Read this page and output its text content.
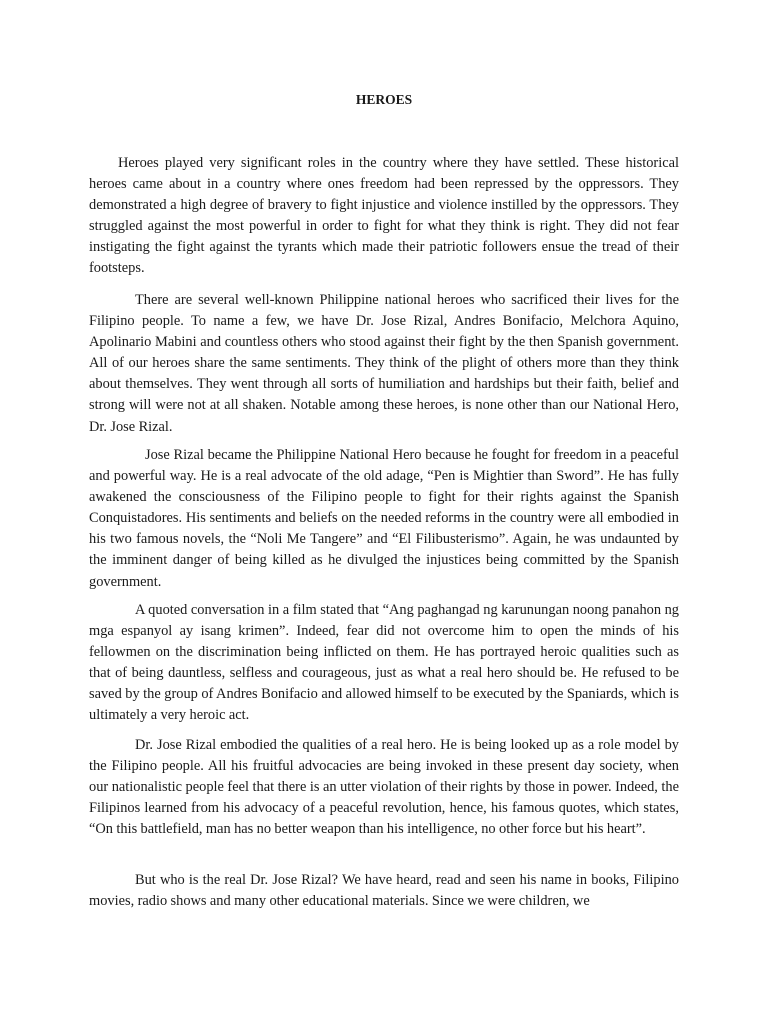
HEROES

Heroes played very significant roles in the country where they have settled. These historical heroes came about in a country where ones freedom had been repressed by the oppressors. They demonstrated a high degree of bravery to fight injustice and violence instilled by the oppressors. They struggled against the most powerful in order to fight for what they think is right. They did not fear instigating the fight against the tyrants which made their patriotic followers ensue the tread of their footsteps.

There are several well-known Philippine national heroes who sacrificed their lives for the Filipino people. To name a few, we have Dr. Jose Rizal, Andres Bonifacio, Melchora Aquino, Apolinario Mabini and countless others who stood against their fight by the then Spanish government. All of our heroes share the same sentiments. They think of the plight of others more than they think about themselves. They went through all sorts of humiliation and hardships but their faith, belief and strong will were not at all shaken. Notable among these heroes, is none other than our National Hero, Dr. Jose Rizal.

Jose Rizal became the Philippine National Hero because he fought for freedom in a peaceful and powerful way. He is a real advocate of the old adage, “Pen is Mightier than Sword”. He has fully awakened the consciousness of the Filipino people to fight for their rights against the Spanish Conquistadores. His sentiments and beliefs on the needed reforms in the country were all embodied in his two famous novels, the “Noli Me Tangere” and “El Filibusterismo”. Again, he was undaunted by the imminent danger of being killed as he divulged the injustices being committed by the Spanish government.

A quoted conversation in a film stated that “Ang paghangad ng karunungan noong panahon ng mga espanyol ay isang krimen”. Indeed, fear did not overcome him to open the minds of his fellowmen on the discrimination being inflicted on them. He has portrayed heroic qualities such as that of being dauntless, selfless and courageous, just as what a real hero should be. He refused to be saved by the group of Andres Bonifacio and allowed himself to be executed by the Spaniards, which is ultimately a very heroic act.

Dr. Jose Rizal embodied the qualities of a real hero. He is being looked up as a role model by the Filipino people. All his fruitful advocacies are being invoked in these present day society, when our nationalistic people feel that there is an utter violation of their rights by those in power. Indeed, the Filipinos learned from his advocacy of a peaceful revolution, hence, his famous quotes, which states, “On this battlefield, man has no better weapon than his intelligence, no other force but his heart”.

But who is the real Dr. Jose Rizal? We have heard, read and seen his name in books, Filipino movies, radio shows and many other educational materials. Since we were children, we
